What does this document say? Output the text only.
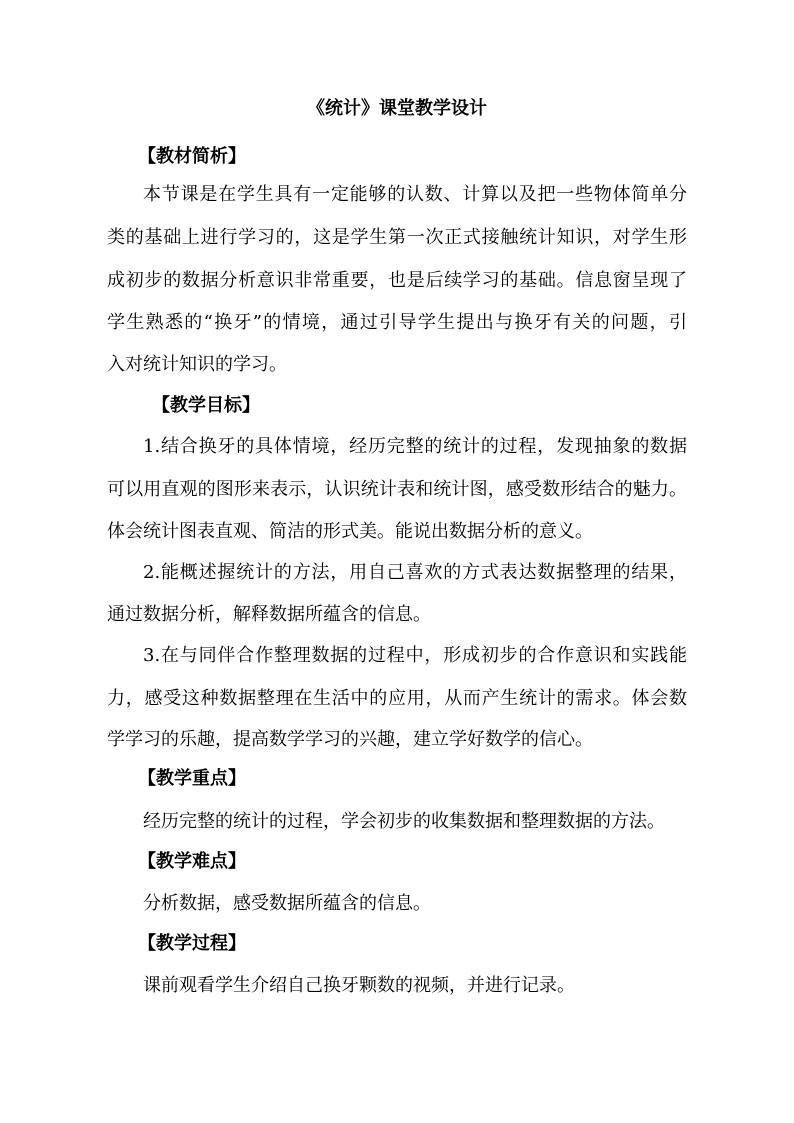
《统计》课堂教学设计
【教材简析】
本节课是在学生具有一定能够的认数、计算以及把一些物体简单分
类的基础上进行学习的，这是学生第一次正式接触统计知识，对学生形
成初步的数据分析意识非常重要，也是后续学习的基础。信息窗呈现了
学生熟悉的“换牙”的情境，通过引导学生提出与换牙有关的问题，引
入对统计知识的学习。
【教学目标】
1.结合换牙的具体情境，经历完整的统计的过程，发现抽象的数据
可以用直观的图形来表示，认识统计表和统计图，感受数形结合的魅力。
体会统计图表直观、简洁的形式美。能说出数据分析的意义。
2.能概述握统计的方法，用自己喜欢的方式表达数据整理的结果，
通过数据分析，解释数据所蕴含的信息。
3.在与同伴合作整理数据的过程中，形成初步的合作意识和实践能
力，感受这种数据整理在生活中的应用，从而产生统计的需求。体会数
学学习的乐趣，提高数学学习的兴趣，建立学好数学的信心。
【教学重点】
经历完整的统计的过程，学会初步的收集数据和整理数据的方法。
【教学难点】
分析数据，感受数据所蕴含的信息。
【教学过程】
课前观看学生介绍自己换牙颗数的视频，并进行记录。
